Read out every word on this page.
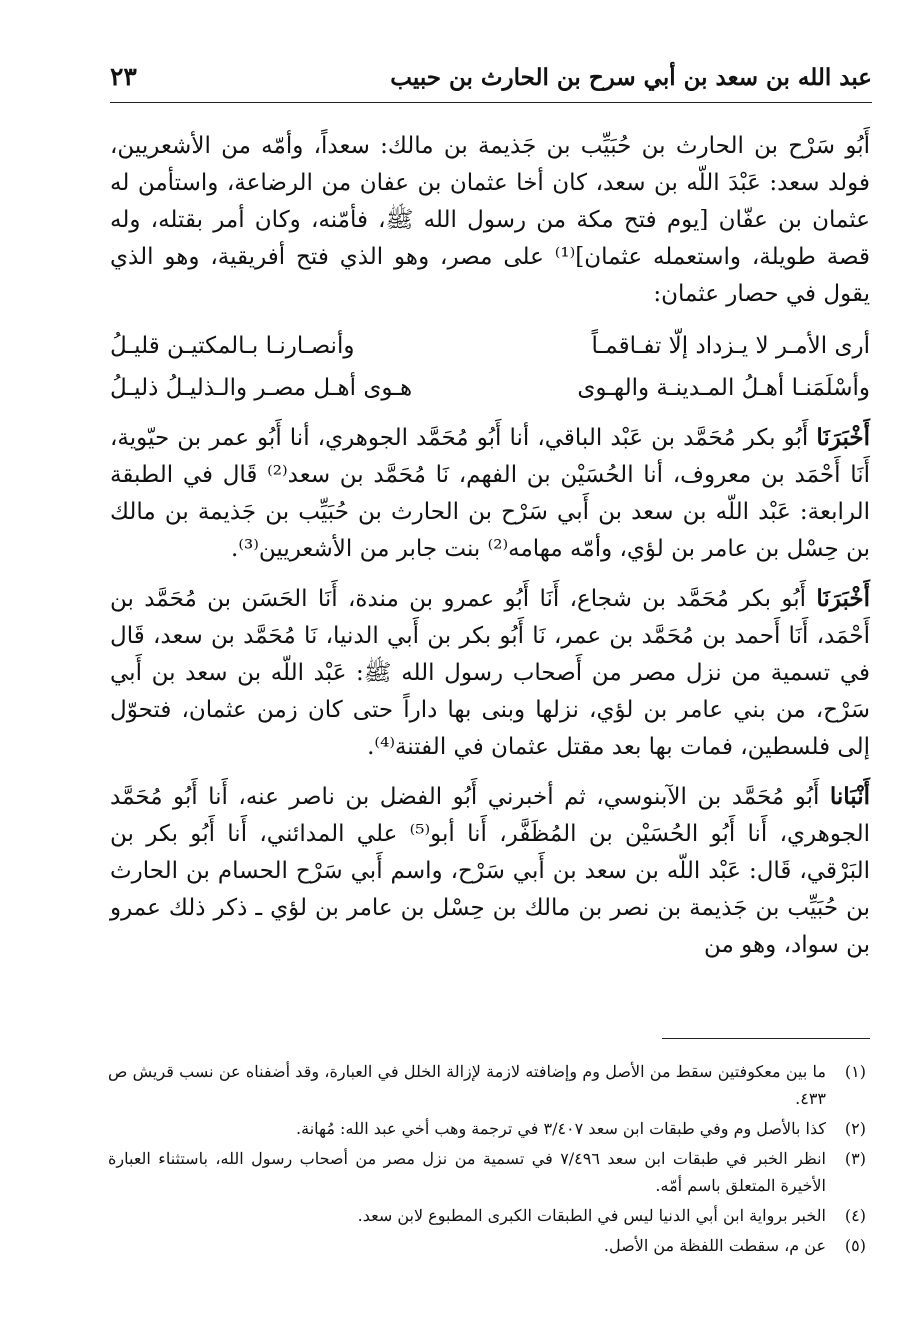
٢٣	عبد الله بن سعد بن أبي سرح بن الحارث بن حبيب

أَبُو سَرْح بن الحارث بن حُبَيِّب بن جَذيمة بن مالك: سعداً، وأمّه من الأشعريين، فولد سعد: عَبْدَ اللّه بن سعد، كان أخا عثمان بن عفان من الرضاعة، واستأمن له عثمان بن عفّان [يوم فتح مكة من رسول الله ﷺ، فأمّنه، وكان أمر بقتله، وله قصة طويلة، واستعمله عثمان]⁽¹⁾ على مصر، وهو الذي فتح أفريقية، وهو الذي يقول في حصار عثمان:

أرى الأمـر لا يـزداد إلّا تفـاقمـاً
وأنصـارنـا بـالمكتيـن قليـلُ
وأسْلَمَنـا أهـلُ المـدينـة والهـوى
هـوى أهـل مصـر والـذليـلُ ذليـلُ

أَخْبَرَنَا أَبُو بكر مُحَمَّد بن عَبْد الباقي، أنا أَبُو مُحَمَّد الجوهري، أنا أَبُو عمر بن حيّوية، أَنَا أَحْمَد بن معروف، أنا الحُسَيْن بن الفهم، نَا مُحَمَّد بن سعد⁽²⁾ قَال في الطبقة الرابعة: عَبْد اللّه بن سعد بن أَبي سَرْح بن الحارث بن حُبَيِّب بن جَذيمة بن مالك بن حِسْل بن عامر بن لؤي، وأمّه مهامه⁽²⁾ بنت جابر من الأشعريين⁽³⁾.

أَخْبَرَنَا أَبُو بكر مُحَمَّد بن شجاع، أَنَا أَبُو عمرو بن مندة، أَنَا الحَسَن بن مُحَمَّد بن أَحْمَد، أَنَا أَحمد بن مُحَمَّد بن عمر، نَا أَبُو بكر بن أَبي الدنيا، نَا مُحَمَّد بن سعد، قَال في تسمية من نزل مصر من أَصحاب رسول الله ﷺ: عَبْد اللّه بن سعد بن أَبي سَرْح، من بني عامر بن لؤي، نزلها وبنى بها داراً حتى كان زمن عثمان، فتحوّل إلى فلسطين، فمات بها بعد مقتل عثمان في الفتنة⁽⁴⁾.

أَنْبَانا أَبُو مُحَمَّد بن الآبنوسي، ثم أخبرني أَبُو الفضل بن ناصر عنه، أَنا أَبُو مُحَمَّد الجوهري، أَنا أَبُو الحُسَيْن بن المُظَفَّر، أَنا أبو⁽⁵⁾ علي المدائني، أَنا أَبُو بكر بن البَرْقي، قَال: عَبْد اللّه بن سعد بن أَبي سَرْح، واسم أَبي سَرْح الحسام بن الحارث بن حُبَيِّب بن جَذيمة بن نصر بن مالك بن حِسْل بن عامر بن لؤي ـ ذكر ذلك عمرو بن سواد، وهو من

(١)
ما بين معكوفتين سقط من الأصل وم وإضافته لازمة لإزالة الخلل في العبارة، وقد أضفناه عن نسب قريش ص ٤٣٣.
(٢)
كذا بالأصل وم وفي طبقات ابن سعد ٣/٤٠٧ في ترجمة وهب أخي عبد الله: مُهانة.
(٣)
انظر الخبر في طبقات ابن سعد ٧/٤٩٦ في تسمية من نزل مصر من أصحاب رسول الله، باستثناء العبارة الأخيرة المتعلق باسم أمّه.
(٤)
الخبر برواية ابن أبي الدنيا ليس في الطبقات الكبرى المطبوع لابن سعد.
(٥)
عن م، سقطت اللفظة من الأصل.
